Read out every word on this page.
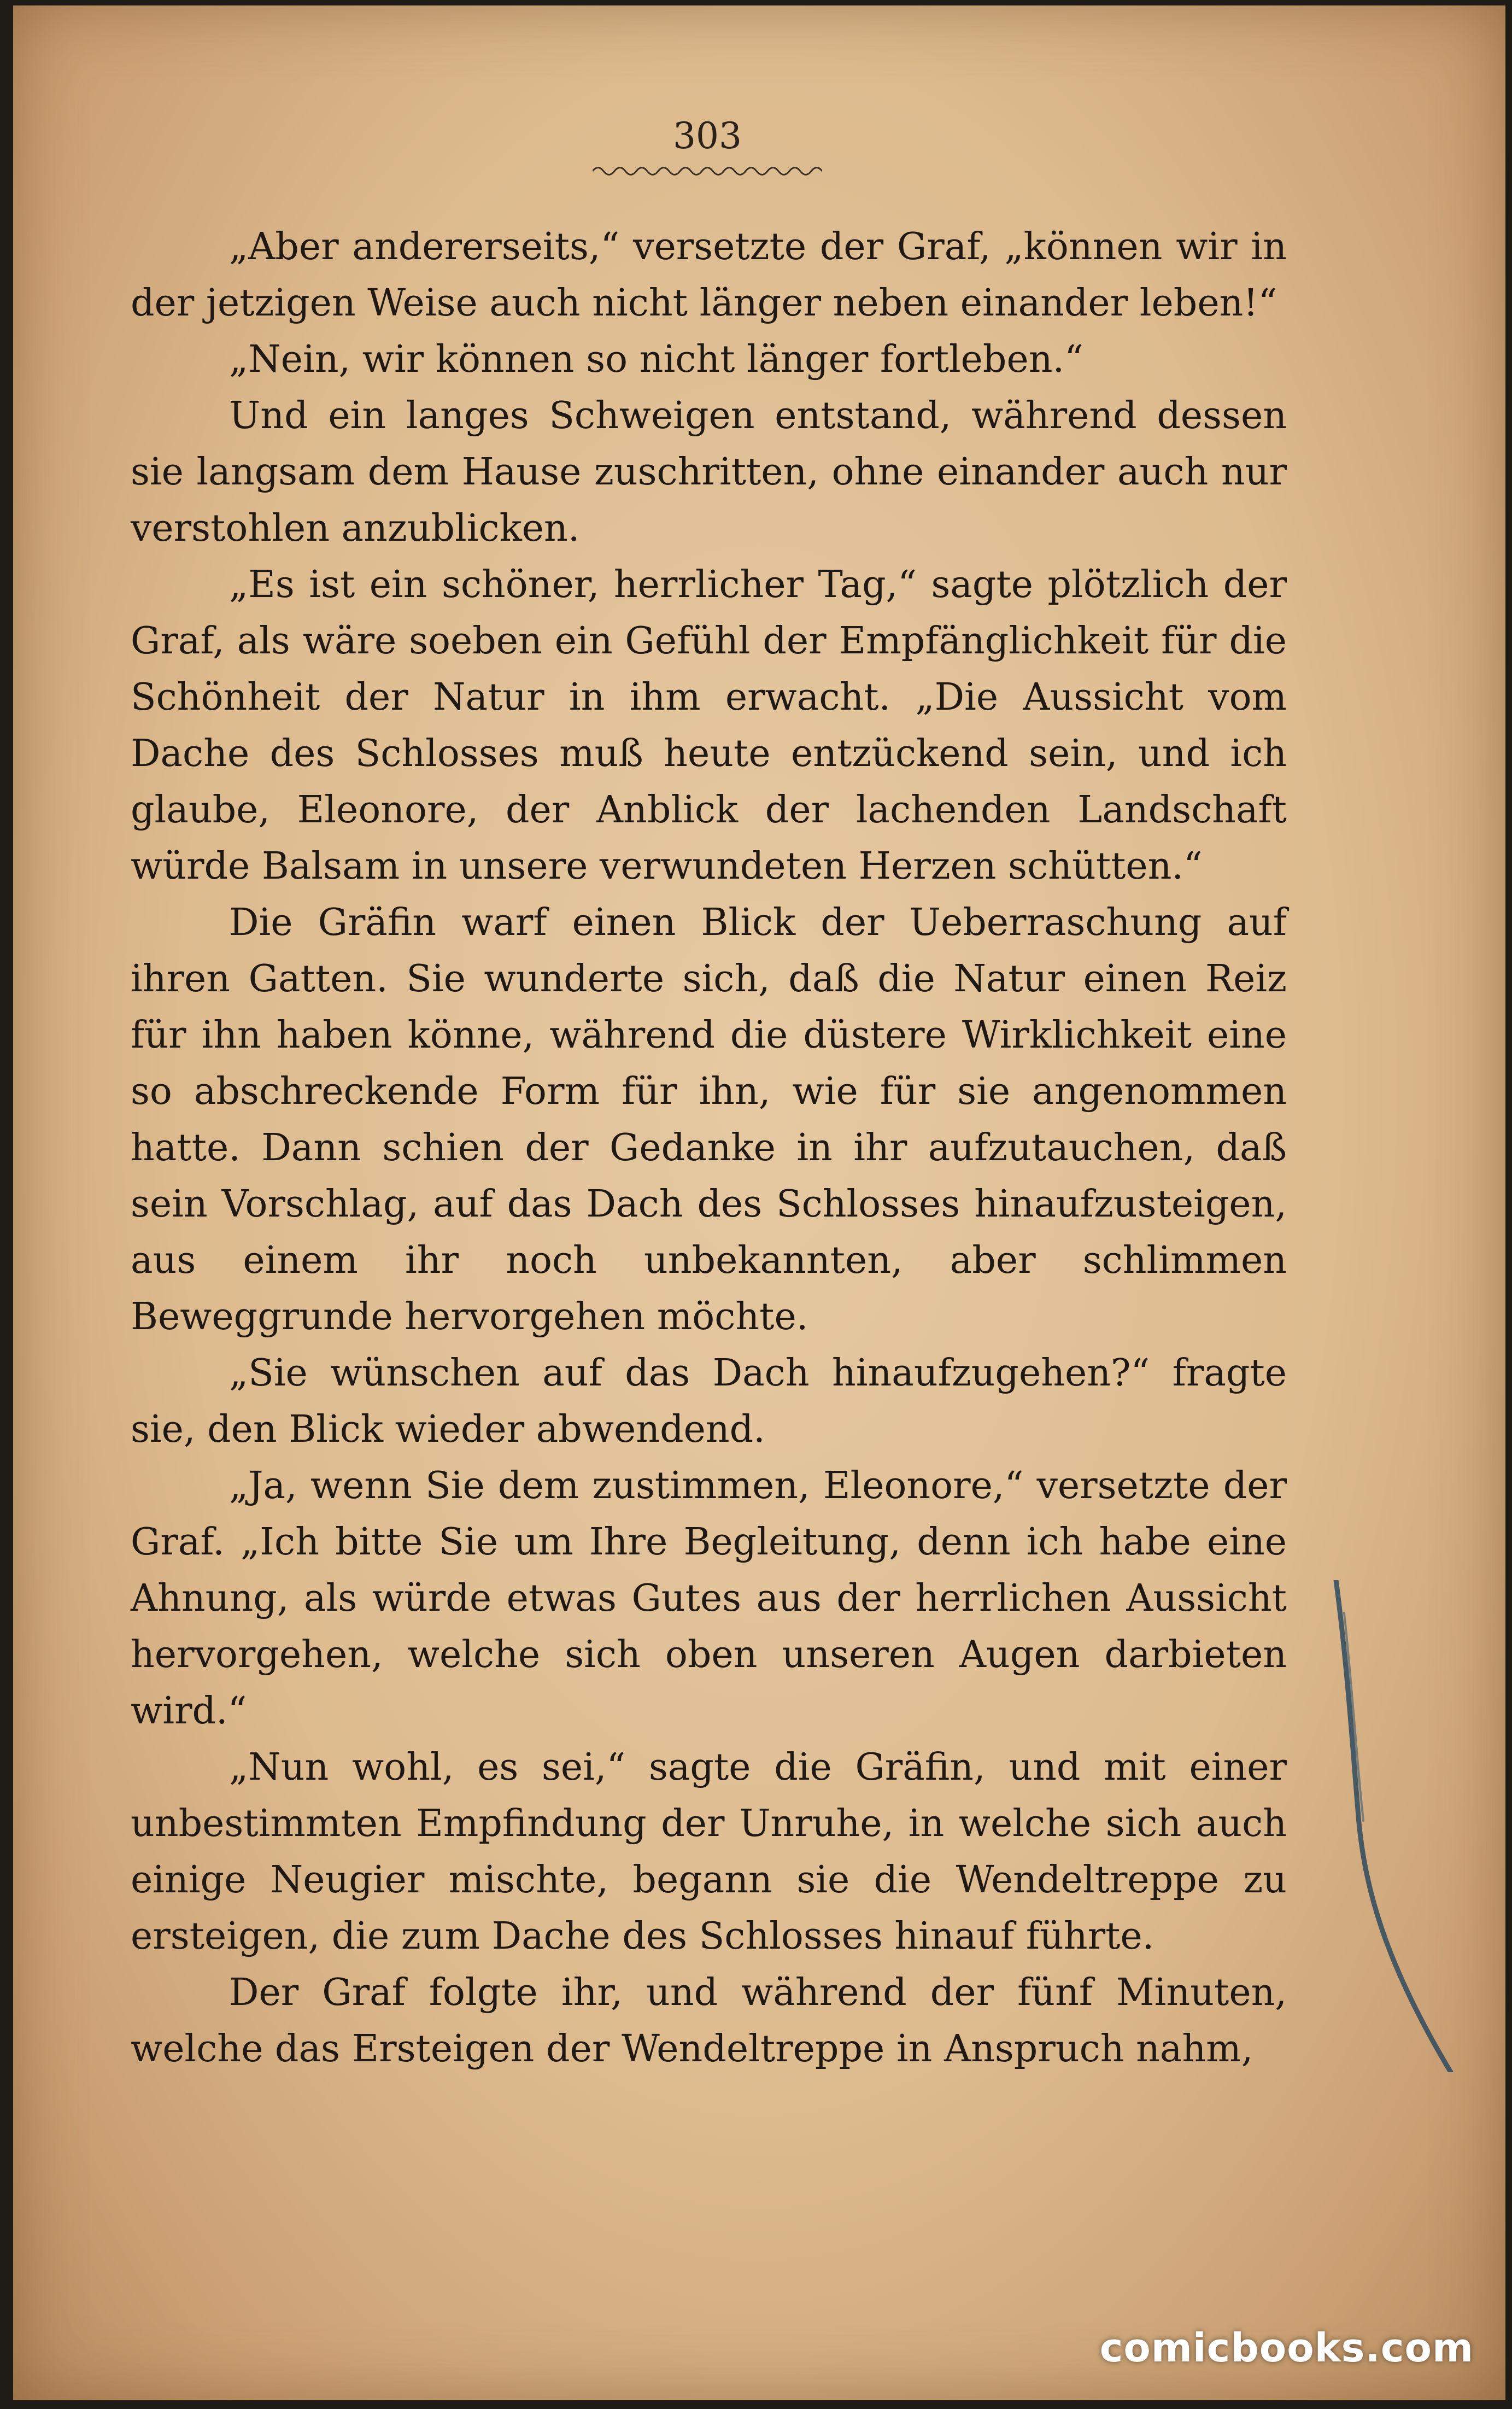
303

„Aber andererseits,“ versetzte der Graf, „können wir in der jetzigen Weise auch nicht länger neben einander leben!“

„Nein, wir können so nicht länger fortleben.“

Und ein langes Schweigen entstand, während dessen sie langsam dem Hause zuschritten, ohne einander auch nur verstohlen anzublicken.

„Es ist ein schöner, herrlicher Tag,“ sagte plötzlich der Graf, als wäre soeben ein Gefühl der Empfänglichkeit für die Schönheit der Natur in ihm erwacht. „Die Aussicht vom Dache des Schlosses muß heute entzückend sein, und ich glaube, Eleonore, der Anblick der lachenden Landschaft würde Balsam in unsere verwundeten Herzen schütten.“

Die Gräfin warf einen Blick der Ueberraschung auf ihren Gatten. Sie wunderte sich, daß die Natur einen Reiz für ihn haben könne, während die düstere Wirklichkeit eine so abschreckende Form für ihn, wie für sie angenommen hatte. Dann schien der Gedanke in ihr aufzutauchen, daß sein Vorschlag, auf das Dach des Schlosses hinaufzusteigen, aus einem ihr noch unbekannten, aber schlimmen Beweggrunde hervorgehen möchte.

„Sie wünschen auf das Dach hinaufzugehen?“ fragte sie, den Blick wieder abwendend.

„Ja, wenn Sie dem zustimmen, Eleonore,“ versetzte der Graf. „Ich bitte Sie um Ihre Begleitung, denn ich habe eine Ahnung, als würde etwas Gutes aus der herrlichen Aussicht hervorgehen, welche sich oben unseren Augen darbieten wird.“

„Nun wohl, es sei,“ sagte die Gräfin, und mit einer unbestimmten Empfindung der Unruhe, in welche sich auch einige Neugier mischte, begann sie die Wendeltreppe zu ersteigen, die zum Dache des Schlosses hinauf führte.

Der Graf folgte ihr, und während der fünf Minuten, welche das Ersteigen der Wendeltreppe in Anspruch nahm,

comicbooks.com
